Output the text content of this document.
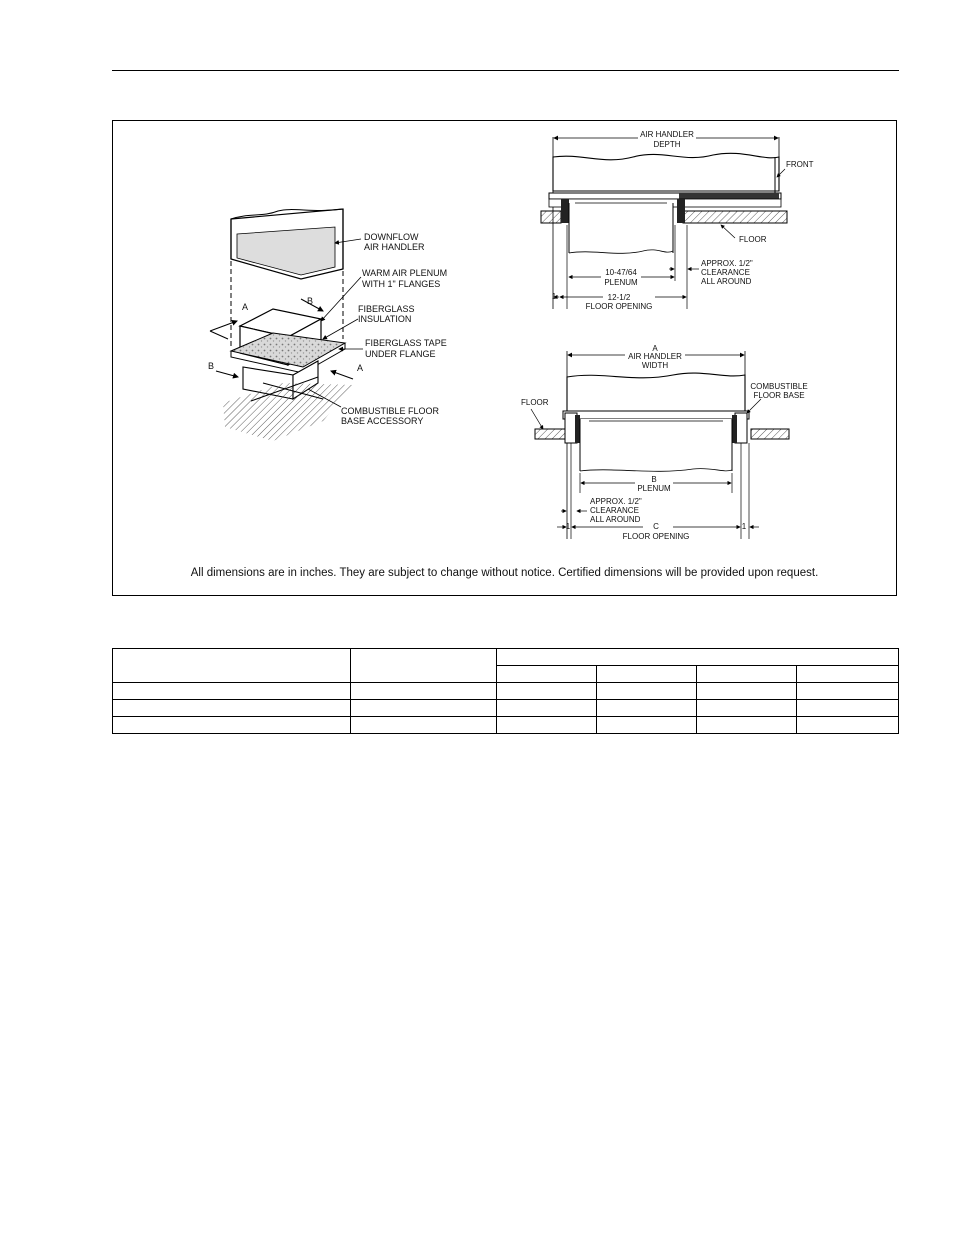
DOWNFLOW
AIR HANDLER
WARM AIR PLENUM
WITH 1" FLANGES
FIBERGLASS
INSULATION
FIBERGLASS TAPE
UNDER FLANGE
COMBUSTIBLE FLOOR
BASE ACCESSORY
A
B
B	A
AIR HANDLER
DEPTH
FRONT
FLOOR
APPROX. 1/2"
CLEARANCE
ALL AROUND
10-47/64
PLENUM
12-1/2
FLOOR OPENING
1
A
AIR HANDLER
WIDTH
COMBUSTIBLE
FLOOR BASE
FLOOR
B
PLENUM
APPROX. 1/2"
CLEARANCE
ALL AROUND
C
FLOOR OPENING
1	1
All dimensions are in inches. They are subject to change without notice. Certified dimensions will be provided upon request.
